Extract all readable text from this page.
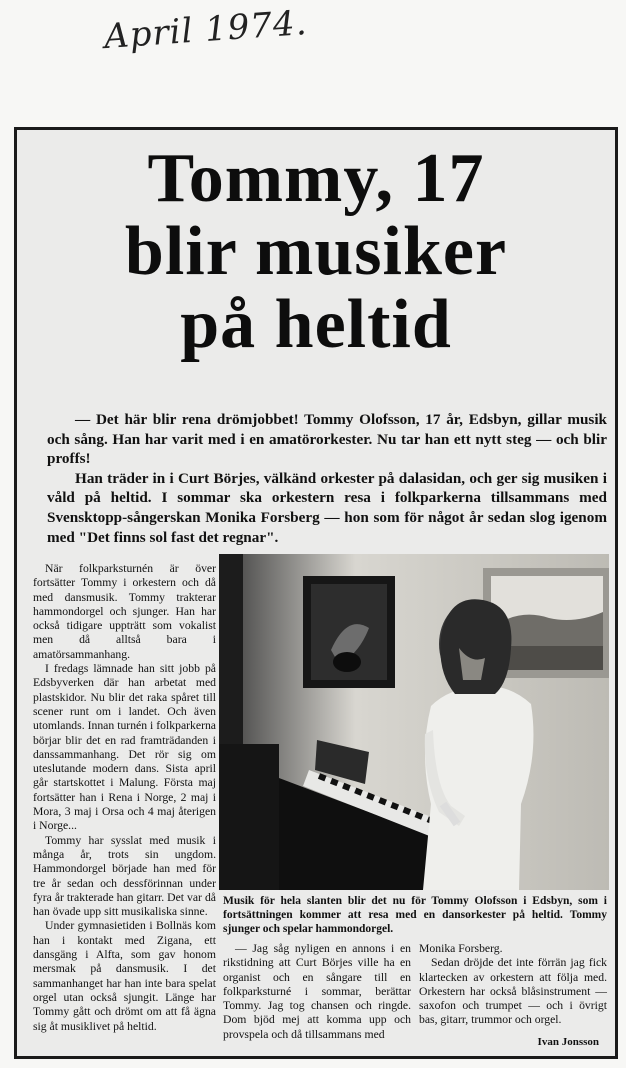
April 1974.
Tommy, 17
blir musiker
på heltid

— Det här blir rena drömjobbet! Tommy Olofsson, 17 år, Edsbyn, gillar musik och sång. Han har varit med i en amatörorkester. Nu tar han ett nytt steg — och blir proffs!

Han träder in i Curt Börjes, välkänd orkester på dalasidan, och ger sig musiken i våld på heltid. I sommar ska orkestern resa i folkparkerna tillsammans med Svensktopp-sångerskan Monika Forsberg — hon som för något år sedan slog igenom med "Det finns sol fast det regnar".

När folkparksturnén är över fortsätter Tommy i orkestern och då med dansmusik. Tommy trakterar hammondorgel och sjunger. Han har också tidigare uppträtt som vokalist men då alltså bara i amatörsammanhang.

I fredags lämnade han sitt jobb på Edsbyverken där han arbetat med plastskidor. Nu blir det raka spåret till scener runt om i landet. Och även utomlands. Innan turnén i folkparkerna börjar blir det en rad framträdanden i danssammanhang. Det rör sig om uteslutande modern dans. Sista april går startskottet i Malung. Första maj fortsätter han i Rena i Norge, 2 maj i Mora, 3 maj i Orsa och 4 maj återigen i Norge...

Tommy har sysslat med musik i många år, trots sin ungdom. Hammondorgel började han med för tre år sedan och dessförinnan under fyra år trakterade han gitarr. Det var då han övade upp sitt musikaliska sinne.

Under gymnasietiden i Bollnäs kom han i kontakt med Zigana, ett dansgäng i Alfta, som gav honom mersmak på dansmusik. I det sammanhanget har han inte bara spelat orgel utan också sjungit. Länge har Tommy gått och drömt om att få ägna sig åt musiklivet på heltid.

Musik för hela slanten blir det nu för Tommy Olofsson i Edsbyn, som i fortsättningen kommer att resa med en dansorkester på heltid. Tommy sjunger och spelar hammondorgel.

— Jag såg nyligen en annons i en rikstidning att Curt Börjes ville ha en organist och en sångare till en folkparksturné i sommar, berättar Tommy. Jag tog chansen och ringde. Dom bjöd mej att komma upp och provspela och då tillsammans med

Monika Forsberg.

Sedan dröjde det inte förrän jag fick klartecken av orkestern att följa med. Orkestern har också blåsinstrument — saxofon och trumpet — och i övrigt bas, gitarr, trummor och orgel.

Ivan Jonsson
